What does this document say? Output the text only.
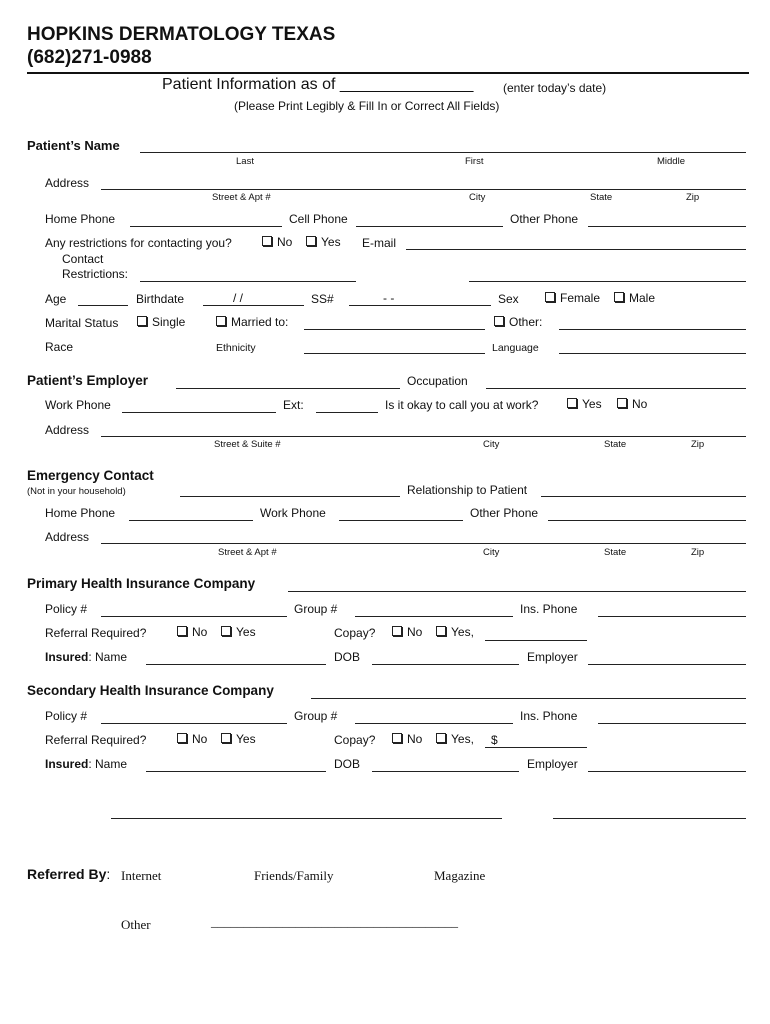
HOPKINS DERMATOLOGY TEXAS
(682)271-0988
Patient Information as of _______________ (enter today’s date)
(Please Print Legibly & Fill In or Correct All Fields)
Patient’s Name
Last	First	Middle
Address
Street & Apt #	City	State	Zip
Home Phone	Cell Phone	Other Phone
Any restrictions for contacting you?	No	Yes E-mail
Contact
Restrictions:
Age	Birthdate	/ /	SS#	- -	Sex	Female	Male
Marital Status	Single	Married to:	Other:
Race	Ethnicity	Language
Patient’s Employer	Occupation
Work Phone	Ext:	Is it okay to call you at work?	Yes	No
Address
Street & Suite #	City	State	Zip
Emergency Contact
(Not in your household)	Relationship to Patient
Home Phone	Work Phone	Other Phone
Address
Street & Apt #	City	State	Zip
Primary Health Insurance Company
Policy #	Group #	Ins. Phone
Referral Required?	No	Yes	Copay?	No	Yes,
Insured: Name	DOB	Employer
Secondary Health Insurance Company
Policy #	Group #	Ins. Phone
Referral Required?	No	Yes	Copay?	No	Yes, $
Insured: Name	DOB	Employer
Referred By: Internet	Friends/Family	Magazine
Other	______________________________________
